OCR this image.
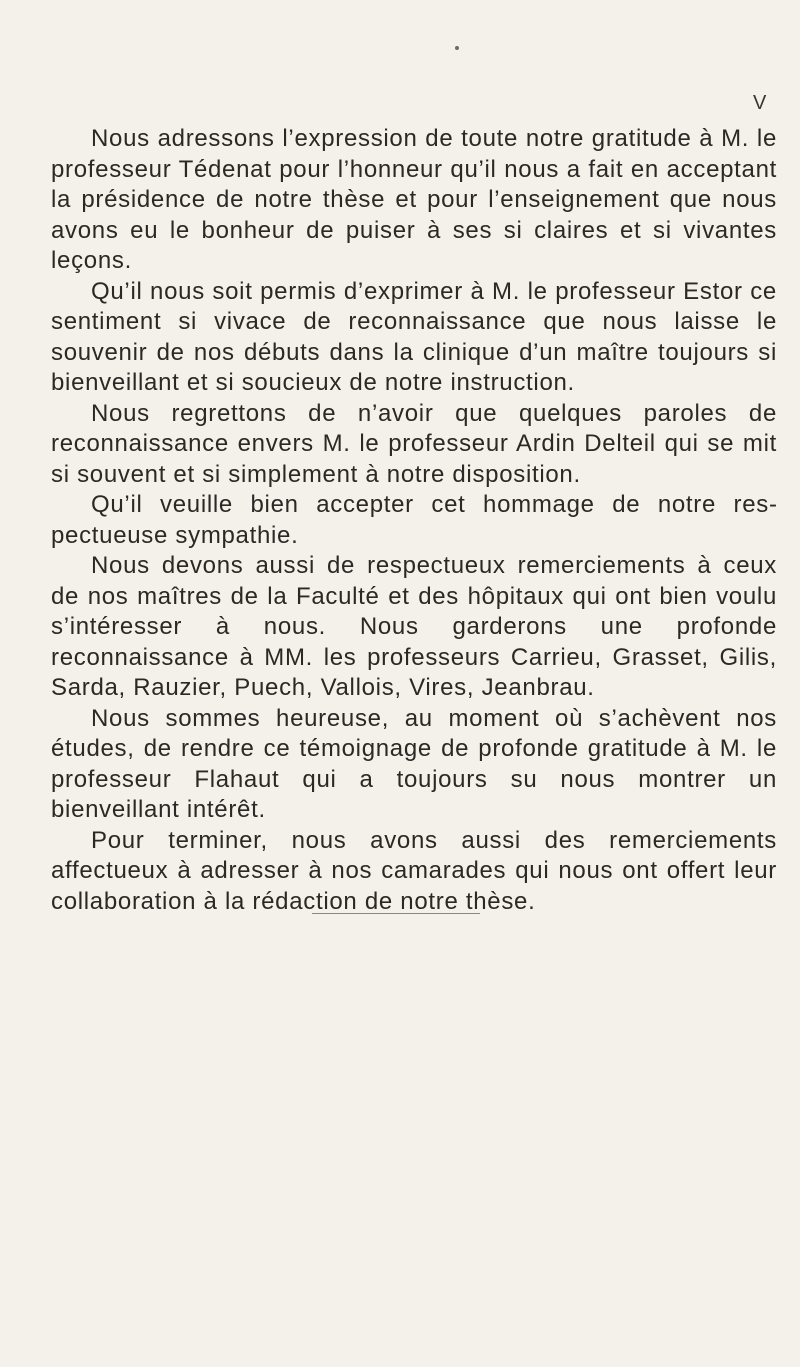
V

Nous adressons l’expression de toute notre gratitude à M. le professeur Tédenat pour l’honneur qu’il nous a fait en acceptant la présidence de notre thèse et pour l’enseignement que nous avons eu le bonheur de puiser à ses si claires et si vivantes leçons.

Qu’il nous soit permis d’exprimer à M. le professeur Estor ce sentiment si vivace de reconnaissance que nous laisse le souvenir de nos débuts dans la clinique d’un maître toujours si bienveillant et si soucieux de notre instruction.

Nous regrettons de n’avoir que quelques paroles de reconnaissance envers M. le professeur Ardin Delteil qui se mit si souvent et si simplement à notre disposition.

Qu’il veuille bien accepter cet hommage de notre respectueuse sympathie.

Nous devons aussi de respectueux remerciements à ceux de nos maîtres de la Faculté et des hôpitaux qui ont bien voulu s’intéresser à nous. Nous garderons une profonde reconnaissance à MM. les professeurs Carrieu, Grasset, Gilis, Sarda, Rauzier, Puech, Vallois, Vires, Jeanbrau.

Nous sommes heureuse, au moment où s’achèvent nos études, de rendre ce témoignage de profonde gratitude à M. le professeur Flahaut qui a toujours su nous montrer un bienveillant intérêt.

Pour terminer, nous avons aussi des remerciements affectueux à adresser à nos camarades qui nous ont offert leur collaboration à la rédaction de notre thèse.
